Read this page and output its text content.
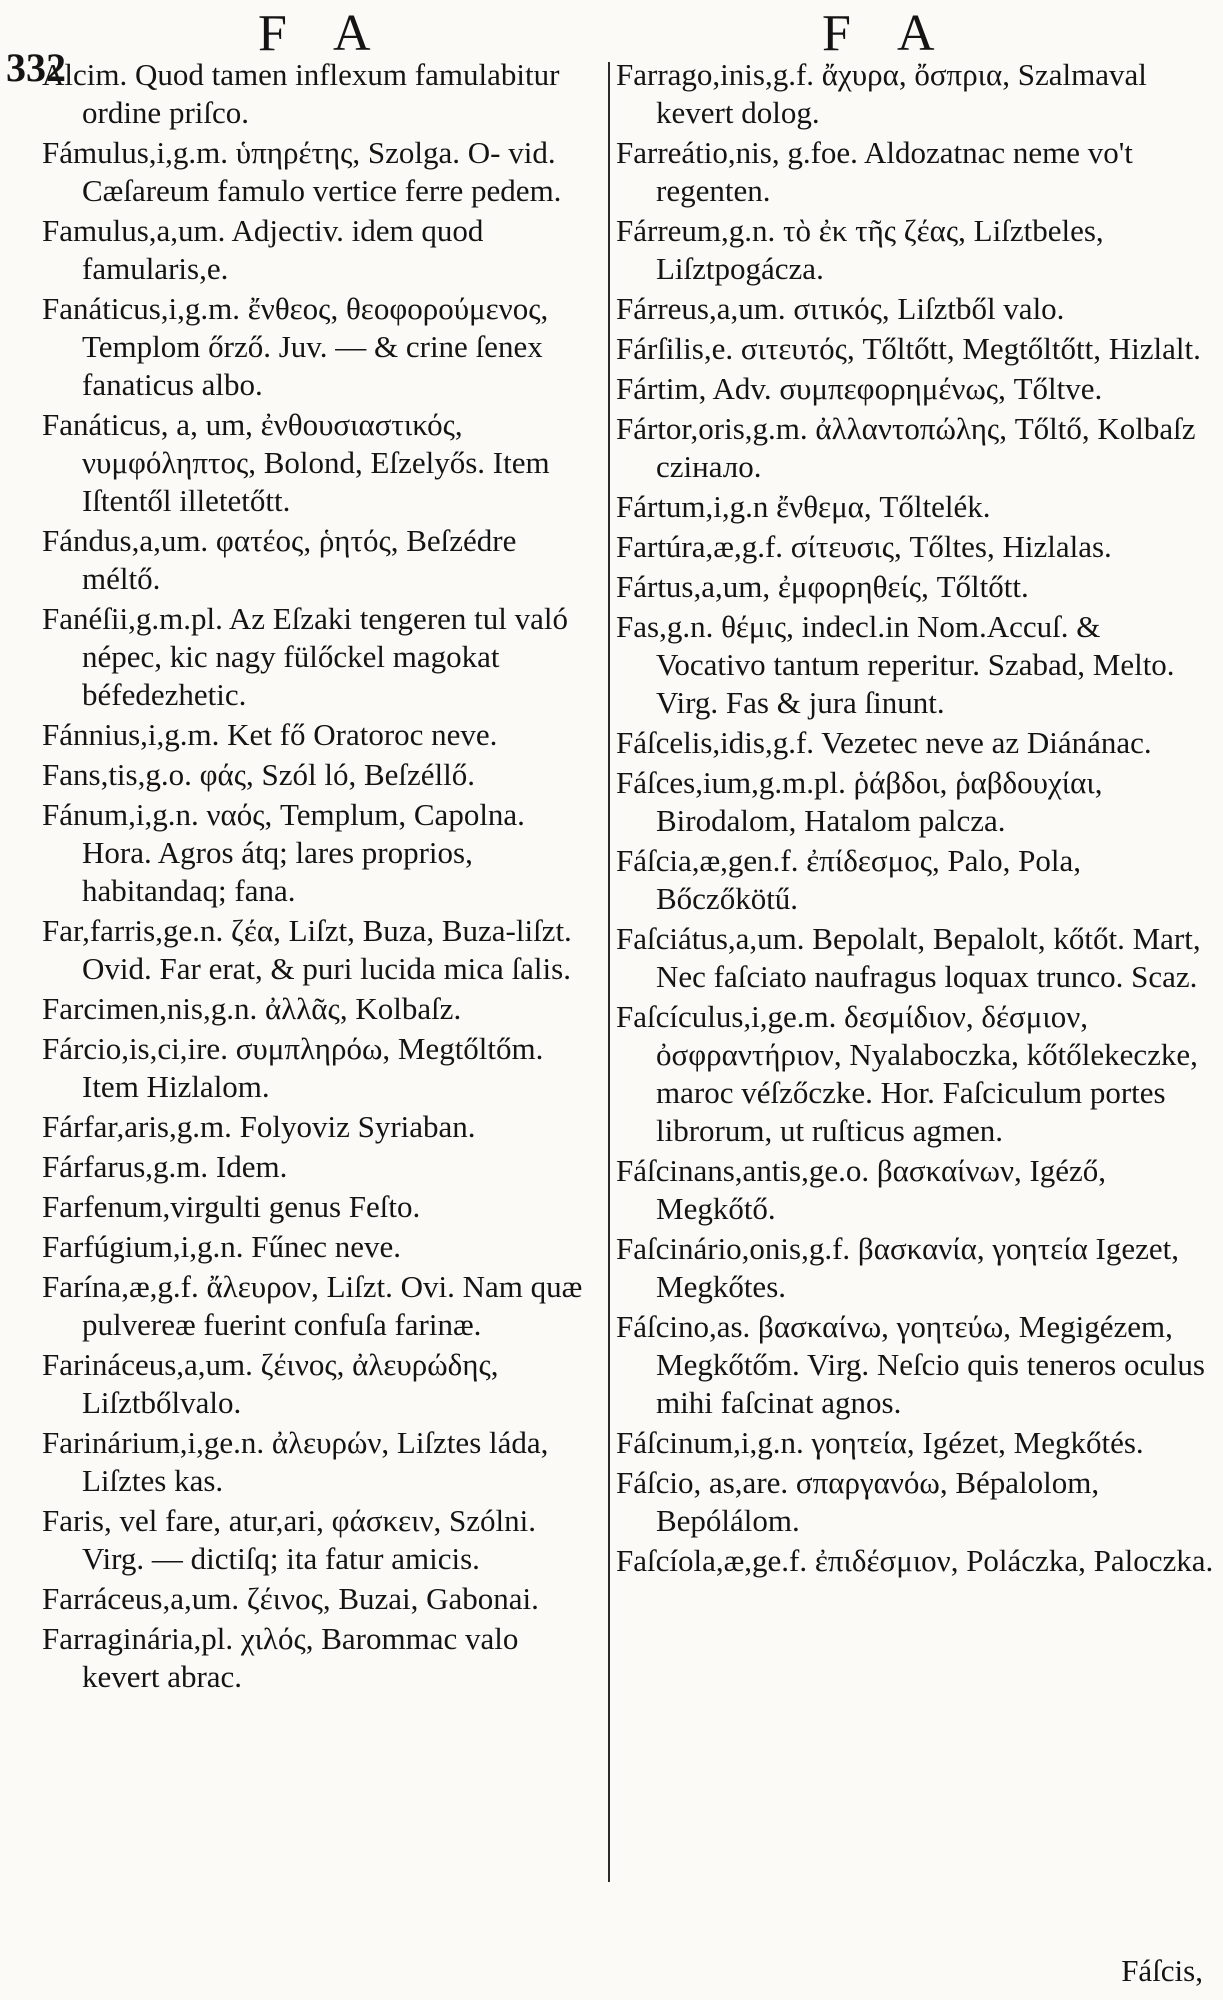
332
F A	F A

Alcim. Quod tamen inflexum famulabitur ordine priſco.

Fámulus,i,g.m. ὑπηρέτης, Szolga. O- vid. Cæſareum famulo vertice ferre pedem.

Famulus,a,um. Adjectiv. idem quod famularis,e.

Fanáticus,i,g.m. ἔνθεος, θεοφορούμενος, Templom őrző. Juv. — & crine ſenex fanaticus albo.

Fanáticus, a, um, ἐνθουσιαστικός, νυμφόληπτος, Bolond, Eſzelyős. Item Iſtentől illetetőtt.

Fándus,a,um. φατέος, ῥητός, Beſzédre méltő.

Fanéſii,g.m.pl. Az Eſzaki tengeren tul való népec, kic nagy fülőckel magokat béfedezhetic.

Fánnius,i,g.m. Ket fő Oratoroc neve.

Fans,tis,g.o. φάς, Szól ló, Beſzéllő.

Fánum,i,g.n. ναός, Templum, Capolna. Hora. Agros átq; lares proprios, habitandaq; fana.

Far,farris,ge.n. ζέα, Liſzt, Buza, Buza-liſzt. Ovid. Far erat, & puri lucida mica ſalis.

Farcimen,nis,g.n. ἀλλᾶς, Kolbaſz.

Fárcio,is,ci,ire. συμπληρόω, Megtőltőm. Item Hizlalom.

Fárfar,aris,g.m. Folyoviz Syriaban.

Fárfarus,g.m. Idem.

Farfenum,virgulti genus Feſto.

Farfúgium,i,g.n. Fűnec neve.

Farína,æ,g.f. ἄλευρον, Liſzt. Ovi. Nam quæ pulvereæ fuerint confuſa farinæ.

Farináceus,a,um. ζέινος, ἀλευρώδης, Liſztbőlvalo.

Farinárium,i,ge.n. ἀλευρών, Liſztes láda, Liſztes kas.

Faris, vel fare, atur,ari, φάσκειν, Szólni. Virg. — dictiſq; ita fatur amicis.

Farráceus,a,um. ζέινος, Buzai, Gabonai.

Farraginária,pl. χιλός, Barommac valo kevert abrac.

Farrago,inis,g.f. ἄχυρα, ὄσπρια, Szalmaval kevert dolog.

Farreátio,nis, g.foe. Aldozatnac neme vo't regenten.

Fárreum,g.n. τὸ ἐκ τῆς ζέας, Liſztbeles, Liſztpogácza.

Fárreus,a,um. σιτικός, Liſztből valo.

Fárſilis,e. σιτευτός, Tőltőtt, Megtőltőtt, Hizlalt.

Fártim, Adv. συμπεφορημένως, Tőltve.

Fártor,oris,g.m. ἀλλαντοπώλης, Tőltő, Kolbaſz cziналo.

Fártum,i,g.n ἔνθεμα, Tőltelék.

Fartúra,æ,g.f. σίτευσις, Tőltes, Hizlalas.

Fártus,a,um, ἐμφορηθείς, Tőltőtt.

Fas,g.n. θέμις, indecl.in Nom.Accuſ. & Vocativo tantum reperitur. Szabad, Melto. Virg. Fas & jura ſinunt.

Fáſcelis,idis,g.f. Vezetec neve az Diánánac.

Fáſces,ium,g.m.pl. ῥάβδοι, ῥαβδουχίαι, Birodalom, Hatalom palcza.

Fáſcia,æ,gen.f. ἐπίδεσμος, Palo, Pola, Bőczőkötű.

Faſciátus,a,um. Bepolalt, Bepalolt, kőtőt. Mart, Nec faſciato naufragus loquax trunco. Scaz.

Faſcículus,i,ge.m. δεσμίδιον, δέσμιον, ὀσφραντήριον, Nyalaboczka, kőtőlekeczke, maroc véſzőczke. Hor. Faſciculum portes librorum, ut ruſticus agmen.

Fáſcinans,antis,ge.o. βασκαίνων, Igéző, Megkőtő.

Faſcinário,onis,g.f. βασκανία, γοητεία Igezet, Megkőtes.

Fáſcino,as. βασκαίνω, γοητεύω, Megigézem, Megkőtőm. Virg. Neſcio quis teneros oculus mihi faſcinat agnos.

Fáſcinum,i,g.n. γοητεία, Igézet, Megkőtés.

Fáſcio, as,are. σπαργανόω, Bépalolom, Bepólálom.

Faſcíola,æ,ge.f. ἐπιδέσμιον, Poláczka, Paloczka.

Fáſcis,
